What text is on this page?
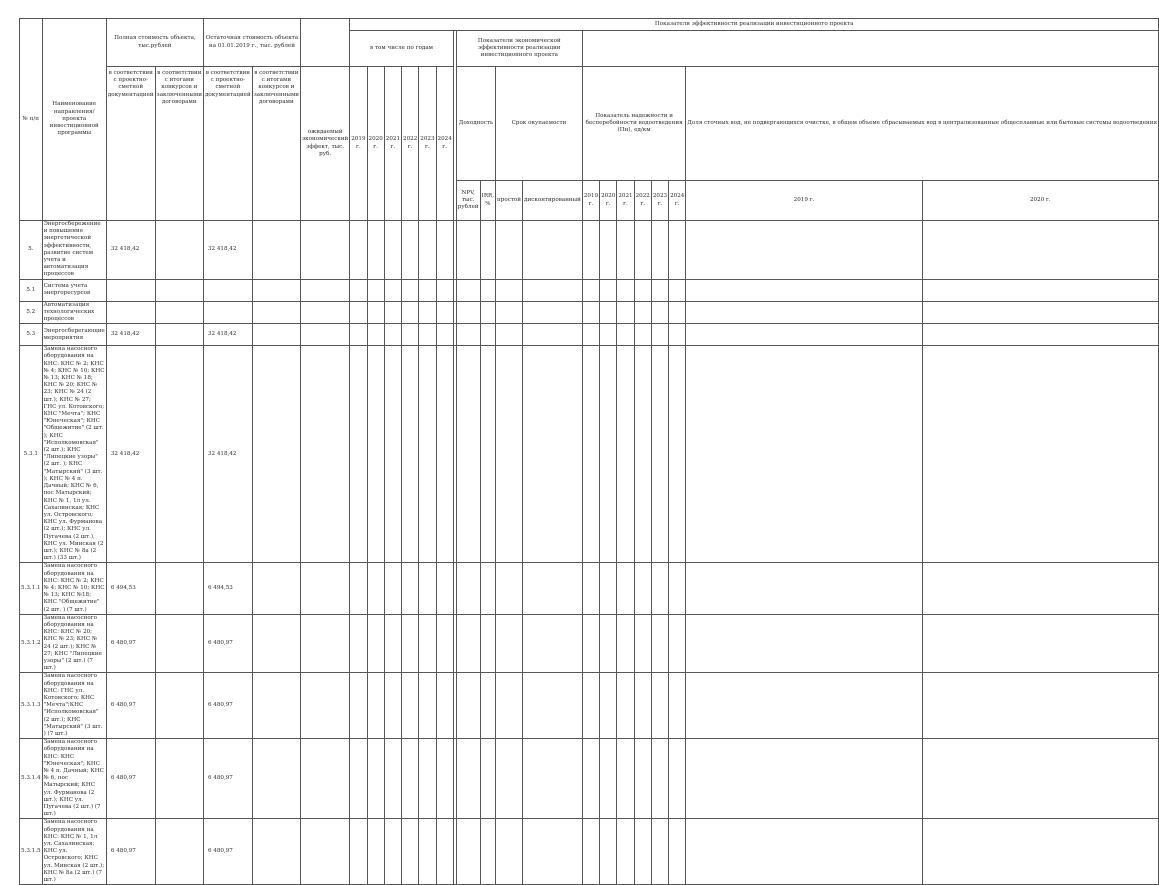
№ п/п	Наименование направления/ проекта инвестиционной программы	Полная стоимость объекта, тыс.рублей		Остаточная стоимость объекта на 01.01.2019 г., тыс. рублей			Показатели эффективности реализации инвестиционного проекта																		
							в том числе по годам							Показатели экономической эффективности реализации инвестиционного проекта											
		в соответствии с проектно-сметной документацией	в соответствии с итогами конкурсов и заключенными договорами	в соответствии с проектно-сметной документацией	в соответствии с итогами конкурсов и заключенными договорами	ожидаемый экономический эффект, тыс. руб.	2019 г.	2020 г.	2021 г.	2022 г.	2023 г.	2024 г.		Доходность		Срок окупаемости		Показатель надежности и бесперебойности водоотведения (Пн), ед/км						Доля сточных вод, не подвергающихся очистке, в общем объеме сбрасываемых вод в централизованные общесплавные или бытовые системы водоотведения	
														NPV, тыс. рублей	IRR, %	простой	дисконтированный	2019 г.	2020 г.	2021 г.	2022 г.	2023 г.	2024 г.	2019 г.	2020 г.
5.	Энергосбережение и повышение энергетической эффективности, развитие систем учета и автоматизация процессов	32 418,42		32 418,42																					
5.1	Система учета энергоресурсов																								
5.2	Автоматизация технологических процессов																								
5.3	Энергосберегающие мероприятия	32 418,42		32 418,42																					
5.3.1	Замена насосного оборудования на КНС: КНС № 2; КНС № 4; КНС № 10; КНС № 13; КНС № 18; КНС № 20; КНС № 23; КНС № 24 (2 шт.); КНС № 27; ГНС ул. Котовского; КНС "Мечта"; КНС "Юнеческая"; КНС "Общежитие" (2 шт. ); КНС "Исполкомовская" (2 шт.); КНС "Липецкие узоры" (2 шт. ); КНС "Матырский" (3 шт. ); КНС № 4 п. Дачный; КНС № 6, пос Матырский; КНС № 1, 1л ул. Сахалинская; КНС ул. Островского; КНС ул. Фурманова (2 шт.); КНС ул. Пугачева (2 шт.), КНС ул. Минская (2 шт.); КНС № 8а (2 шт.) (33 шт.)	32 418,42		32 418,42																					
5.3.1.1	Замена насосного оборудования на КНС: КНС № 2; КНС № 4; КНС № 10; КНС № 13; КНС №18; КНС "Общежитие" (2 шт. ) (7 шт.)	6 494,53		6 494,53																					
5.3.1.2	Замена насосного оборудования на КНС: КНС № 20; КНС № 23; КНС № 24 (2 шт.); КНС № 27; КНС "Липецкие узоры" (2 шт.) (7 шт.)	6 480,97		6 480,97																					
5.3.1.3	Замена насосного оборудования на КНС: ГНС ул. Котовского; КНС "Мечта";КНС "Исполкомовская" (2 шт.); КНС "Матырский" (3 шт. ) (7 шт.)	6 480,97		6 480,97																					
5.3.1.4	Замена насосного оборудования на КНС: КНС "Юнеческая"; КНС № 4 п. Дачный; КНС № 6, пос Матырский; КНС ул. Фурманова (2 шт.); КНС ул. Пугачева (2 шт.) (7 шт.)	6 480,97		6 480,97																					
5.3.1.5	Замена насосного оборудования на КНС: КНС № 1, 1л ул. Сахалинская; КНС ул. Островского; КНС ул. Минская (2 шт.); КНС № 8а (2 шт.) (7 шт.)	6 480,97		6 480,97																					
